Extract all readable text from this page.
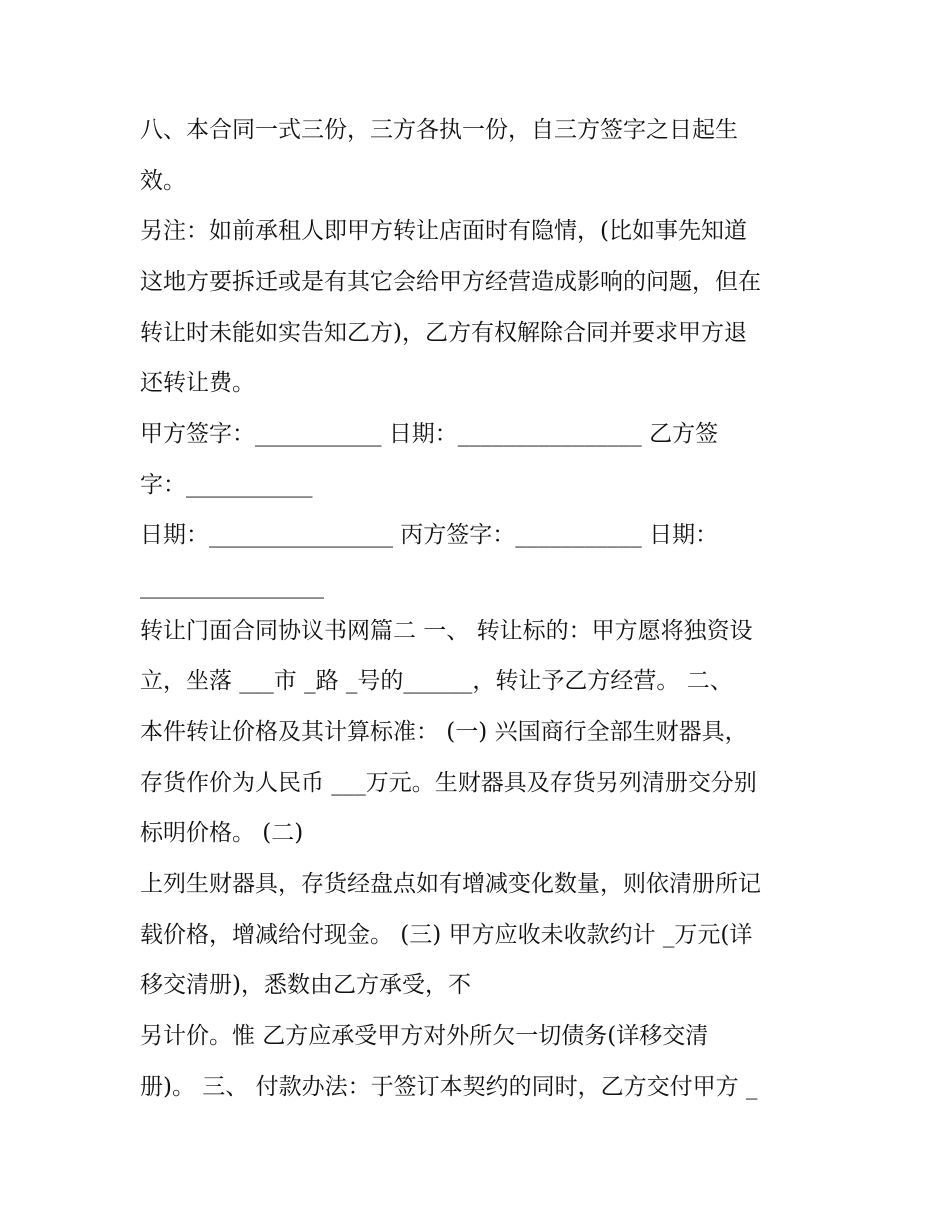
八、本合同一式三份，三方各执一份，自三方签字之日起生

效。

另注：如前承租人即甲方转让店面时有隐情，(比如事先知道

这地方要拆迁或是有其它会给甲方经营造成影响的问题，但在

转让时未能如实告知乙方)，乙方有权解除合同并要求甲方退

还转让费。

甲方签字：___________ 日期：________________ 乙方签

字：___________

日期：________________ 丙方签字：___________ 日期：

________________

转让门面合同协议书网篇二 一、 转让标的：甲方愿将独资设

立，坐落 ___市 _路 _号的______，转让予乙方经营。 二、

本件转让价格及其计算标准： (一) 兴国商行全部生财器具，

存货作价为人民币 ___万元。生财器具及存货另列清册交分别

标明价格。 (二)

上列生财器具，存货经盘点如有增减变化数量，则依清册所记

载价格，增减给付现金。 (三) 甲方应收未收款约计 _万元(详

移交清册)，悉数由乙方承受，不

另计价。惟 乙方应承受甲方对外所欠一切债务(详移交清

册)。 三、 付款办法：于签订本契约的同时，乙方交付甲方 _
